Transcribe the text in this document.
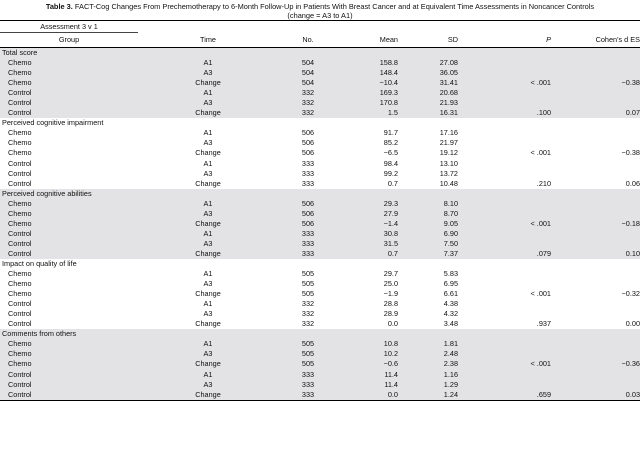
Table 3. FACT-Cog Changes From Prechemotherapy to 6-Month Follow-Up in Patients With Breast Cancer and at Equivalent Time Assessments in Noncancer Controls
(change = A3 to A1)
Assessment 3 v 1						
Group	Time	No.	Mean	SD	P	Cohen's d ES
Total score						
Chemo	A1	504	158.8	27.08		
Chemo	A3	504	148.4	36.05		
Chemo	Change	504	−10.4	31.41	< .001	−0.38
Control	A1	332	169.3	20.68		
Control	A3	332	170.8	21.93		
Control	Change	332	1.5	16.31	.100	0.07
Perceived cognitive impairment						
Chemo	A1	506	91.7	17.16		
Chemo	A3	506	85.2	21.97		
Chemo	Change	506	−6.5	19.12	< .001	−0.38
Control	A1	333	98.4	13.10		
Control	A3	333	99.2	13.72		
Control	Change	333	0.7	10.48	.210	0.06
Perceived cognitive abilities						
Chemo	A1	506	29.3	8.10		
Chemo	A3	506	27.9	8.70		
Chemo	Change	506	−1.4	9.05	< .001	−0.18
Control	A1	333	30.8	6.90		
Control	A3	333	31.5	7.50		
Control	Change	333	0.7	7.37	.079	0.10
Impact on quality of life						
Chemo	A1	505	29.7	5.83		
Chemo	A3	505	25.0	6.95		
Chemo	Change	505	−1.9	6.61	< .001	−0.32
Control	A1	332	28.8	4.38		
Control	A3	332	28.9	4.32		
Control	Change	332	0.0	3.48	.937	0.00
Comments from others						
Chemo	A1	505	10.8	1.81		
Chemo	A3	505	10.2	2.48		
Chemo	Change	505	−0.6	2.38	< .001	−0.36
Control	A1	333	11.4	1.16		
Control	A3	333	11.4	1.29		
Control	Change	333	0.0	1.24	.659	0.03
